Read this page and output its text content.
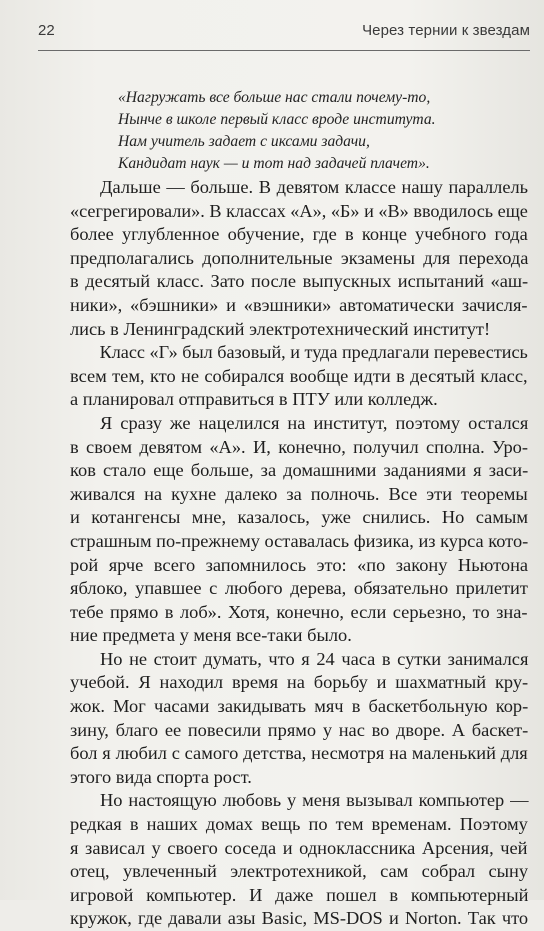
22	Через тернии к звездам
«Нагружать все больше нас стали почему-то,
Нынче в школе первый класс вроде института.
Нам учитель задает с иксами задачи,
Кандидат наук — и тот над задачей плачет».
Дальше — больше. В девятом классе нашу параллель
«сегрегировали». В классах «А», «Б» и «В» вводилось еще
более углубленное обучение, где в конце учебного года
предполагались дополнительные экзамены для перехода
в десятый класс. Зато после выпускных испытаний «аш-
ники», «бэшники» и «вэшники» автоматически зачисля-
лись в Ленинградский электротехнический институт!
Класс «Г» был базовый, и туда предлагали перевестись
всем тем, кто не собирался вообще идти в десятый класс,
а планировал отправиться в ПТУ или колледж.
Я сразу же нацелился на институт, поэтому остался
в своем девятом «А». И, конечно, получил сполна. Уро-
ков стало еще больше, за домашними заданиями я заси-
живался на кухне далеко за полночь. Все эти теоремы
и котангенсы мне, казалось, уже снились. Но самым
страшным по-прежнему оставалась физика, из курса кото-
рой ярче всего запомнилось это: «по закону Ньютона
яблоко, упавшее с любого дерева, обязательно прилетит
тебе прямо в лоб». Хотя, конечно, если серьезно, то зна-
ние предмета у меня все-таки было.
Но не стоит думать, что я 24 часа в сутки занимался
учебой. Я находил время на борьбу и шахматный кру-
жок. Мог часами закидывать мяч в баскетбольную кор-
зину, благо ее повесили прямо у нас во дворе. А баскет-
бол я любил с самого детства, несмотря на маленький для
этого вида спорта рост.
Но настоящую любовь у меня вызывал компьютер —
редкая в наших домах вещь по тем временам. Поэтому
я зависал у своего соседа и одноклассника Арсения, чей
отец, увлеченный электротехникой, сам собрал сыну
игровой компьютер. И даже пошел в компьютерный
кружок, где давали азы Basic, MS-DOS и Norton. Так что
